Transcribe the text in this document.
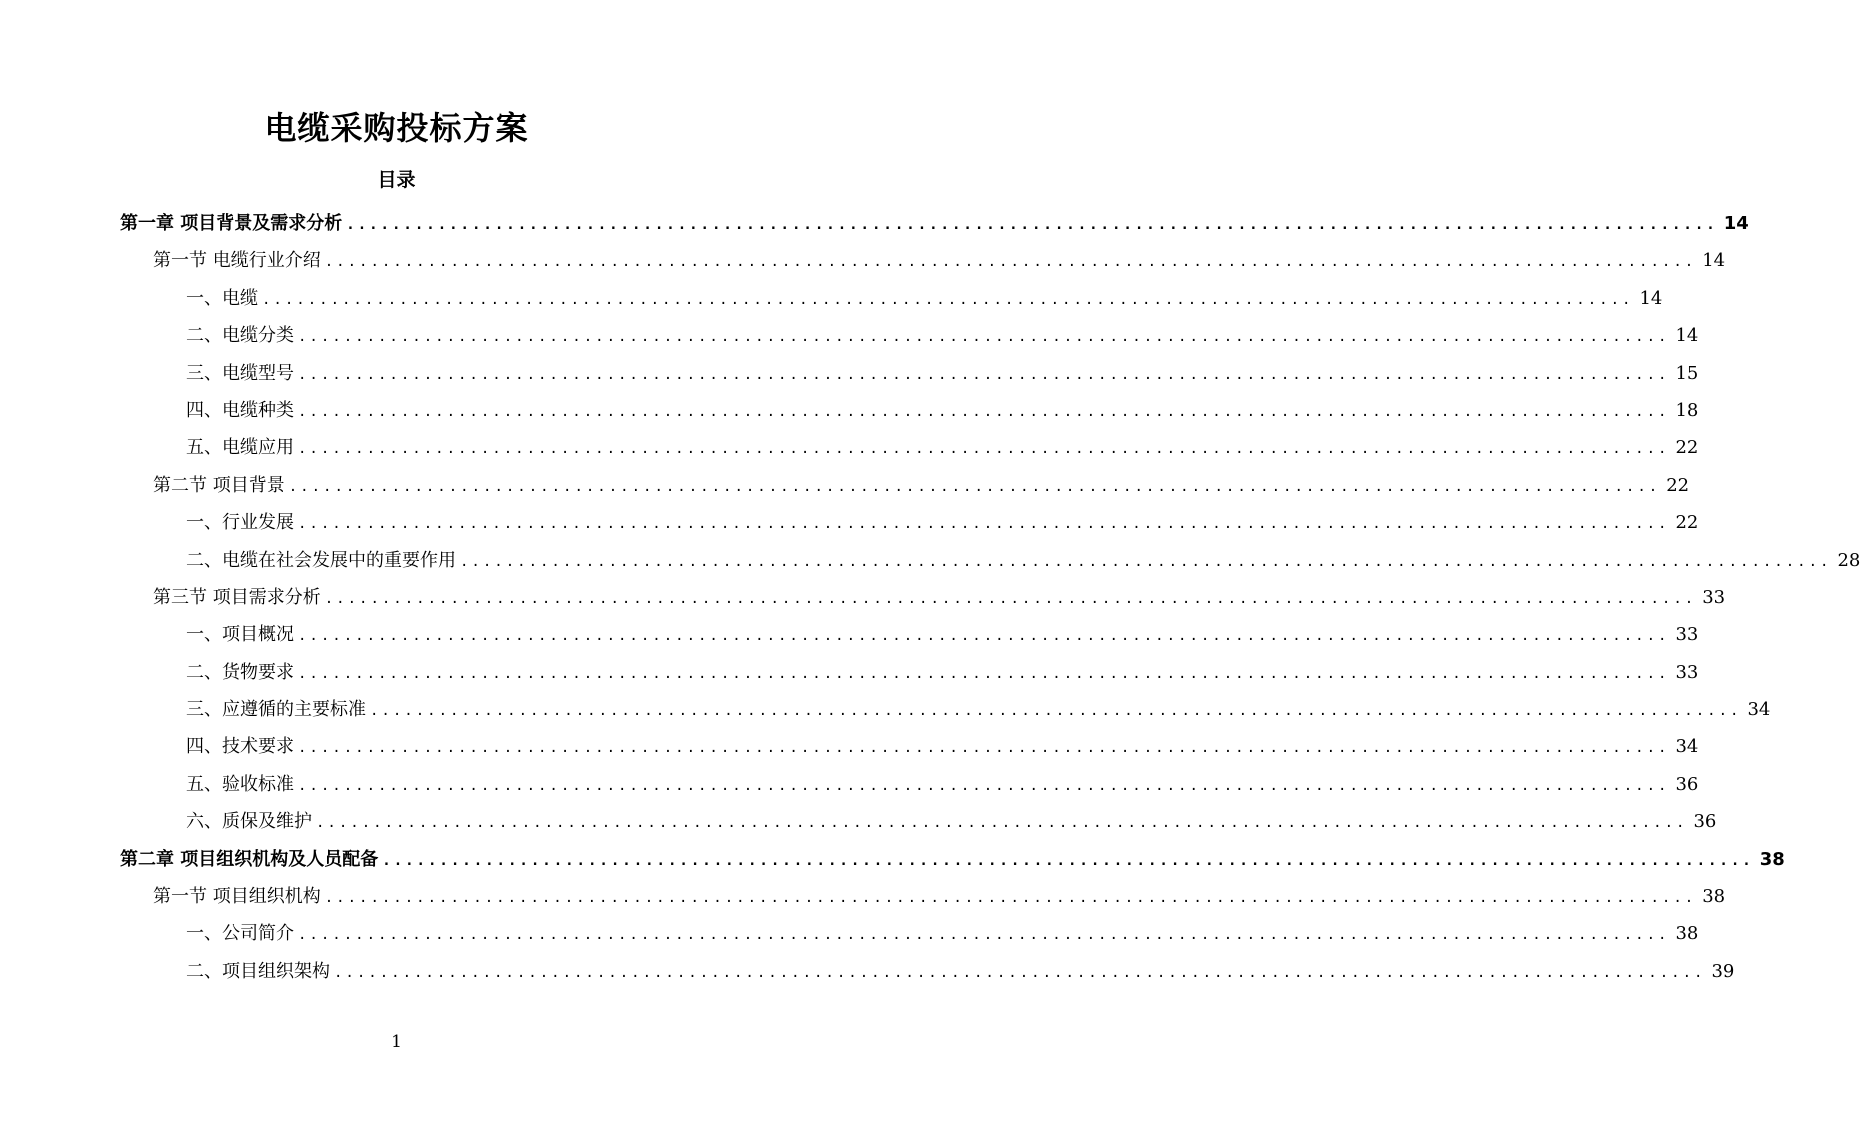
电缆采购投标方案
目录
第一章 项目背景及需求分析 ........................................................................................................................ 14
第一节 电缆行业介绍 ........................................................................................................................ 14
一、电缆 ........................................................................................................................ 14
二、电缆分类 ........................................................................................................................ 14
三、电缆型号 ........................................................................................................................ 15
四、电缆种类 ........................................................................................................................ 18
五、电缆应用 ........................................................................................................................ 22
第二节 项目背景 ........................................................................................................................ 22
一、行业发展 ........................................................................................................................ 22
二、电缆在社会发展中的重要作用 ........................................................................................................................ 28
第三节 项目需求分析 ........................................................................................................................ 33
一、项目概况 ........................................................................................................................ 33
二、货物要求 ........................................................................................................................ 33
三、应遵循的主要标准 ........................................................................................................................ 34
四、技术要求 ........................................................................................................................ 34
五、验收标准 ........................................................................................................................ 36
六、质保及维护 ........................................................................................................................ 36
第二章 项目组织机构及人员配备 ........................................................................................................................ 38
第一节 项目组织机构 ........................................................................................................................ 38
一、公司简介 ........................................................................................................................ 38
二、项目组织架构 ........................................................................................................................ 39
1
